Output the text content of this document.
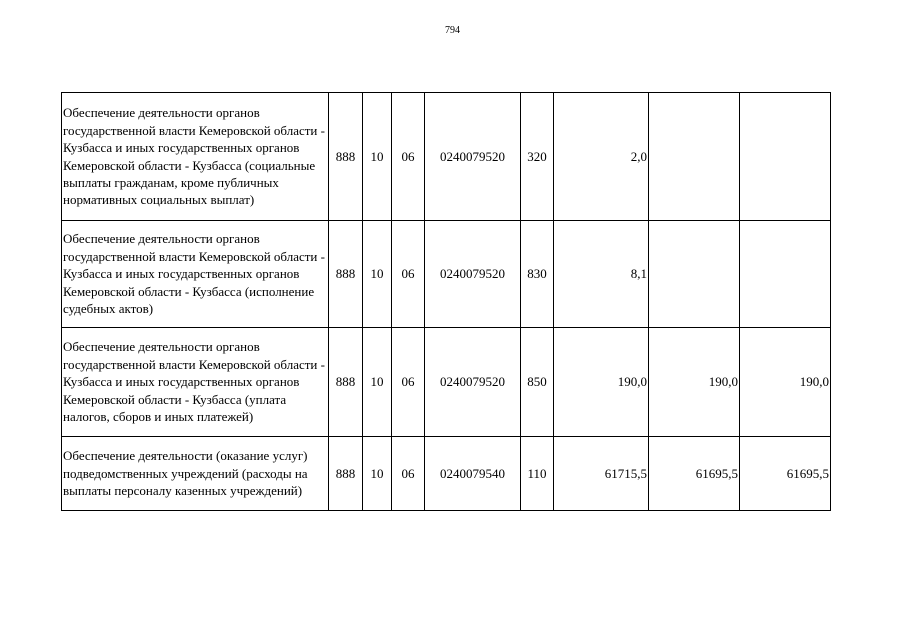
794
Обеспечение деятельности органов государственной власти Кемеровской области - Кузбасса и иных государственных органов Кемеровской области - Кузбасса (социальные выплаты гражданам, кроме публичных нормативных социальных выплат)	888	10	06	0240079520	320	2,0		
Обеспечение деятельности органов государственной власти Кемеровской области - Кузбасса и иных государственных органов Кемеровской области - Кузбасса (исполнение судебных актов)	888	10	06	0240079520	830	8,1		
Обеспечение деятельности органов государственной власти Кемеровской области - Кузбасса и иных государственных органов Кемеровской области - Кузбасса (уплата налогов, сборов и иных платежей)	888	10	06	0240079520	850	190,0	190,0	190,0
Обеспечение деятельности (оказание услуг) подведомственных учреждений (расходы на выплаты персоналу казенных учреждений)	888	10	06	0240079540	110	61715,5	61695,5	61695,5
